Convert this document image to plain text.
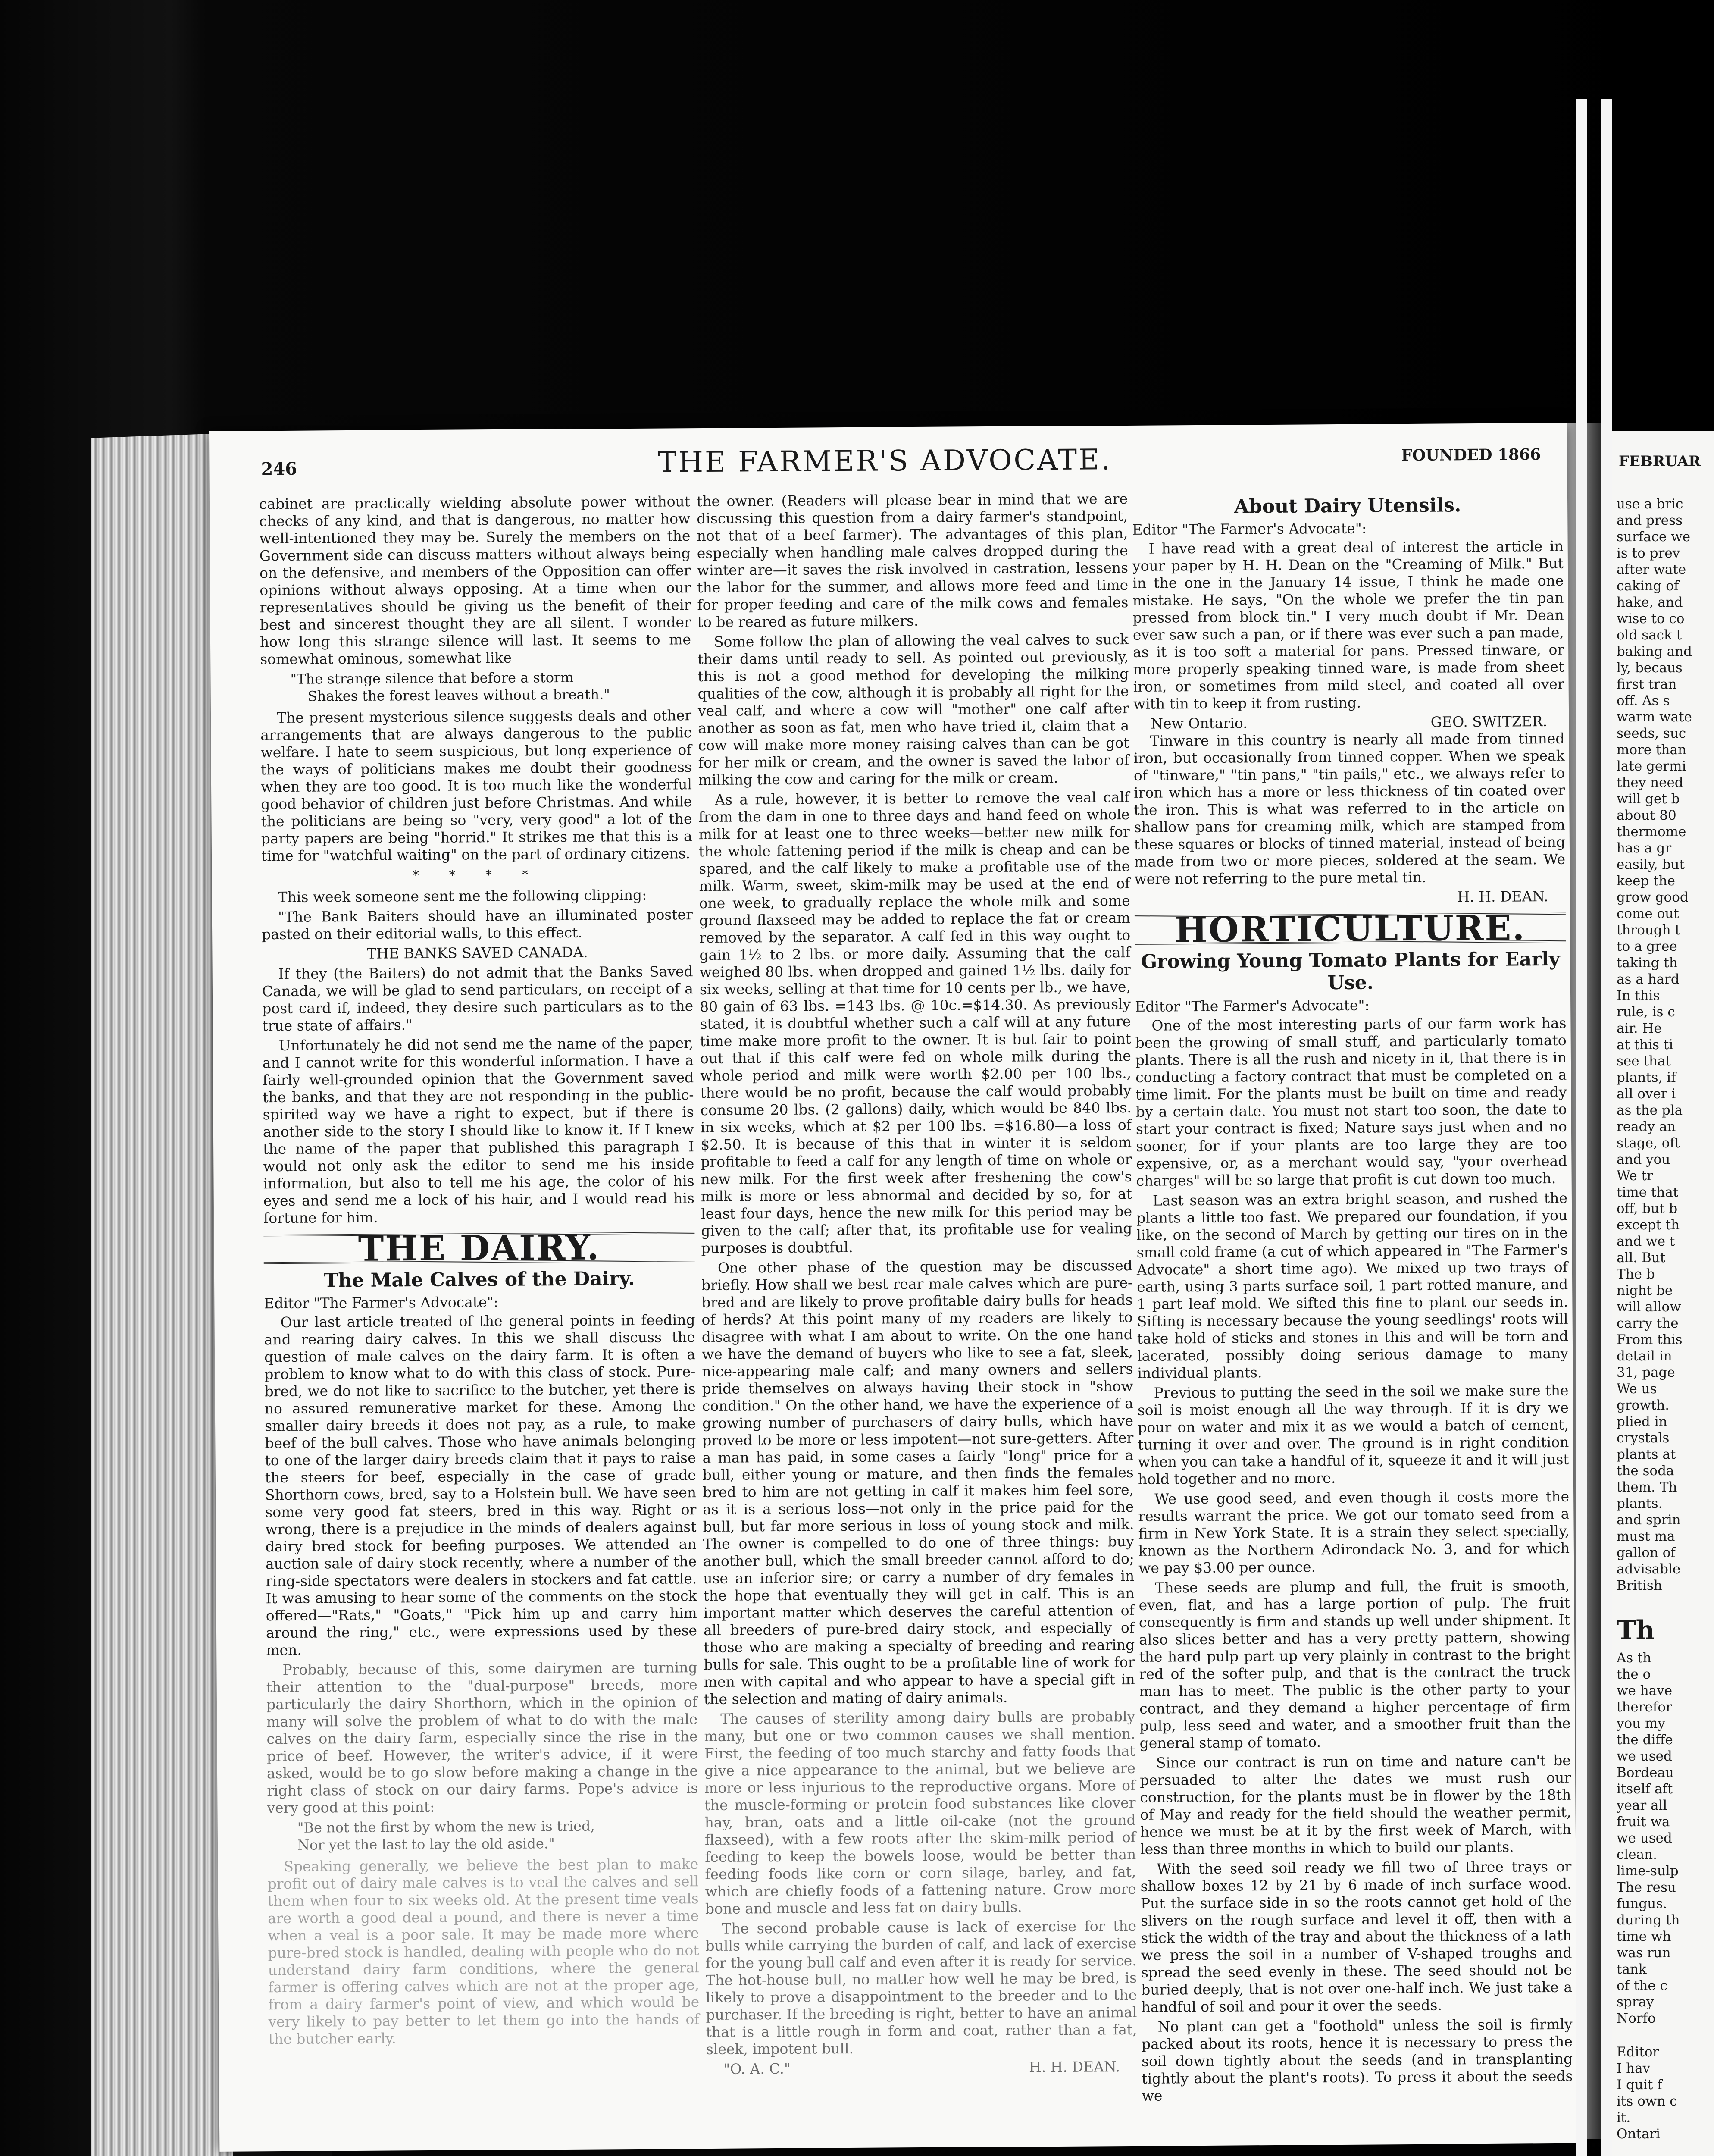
246	THE FARMER'S ADVOCATE.	FOUNDED 1866

cabinet are practically wielding absolute power without checks of any kind, and that is dangerous, no matter how well-intentioned they may be. Surely the members on the Government side can discuss matters without always being on the defensive, and members of the Opposition can offer opinions without always opposing. At a time when our representatives should be giving us the benefit of their best and sincerest thought they are all silent. I wonder how long this strange silence will last. It seems to me somewhat ominous, somewhat like

"The strange silence that before a storm
Shakes the forest leaves without a breath."

The present mysterious silence suggests deals and other arrangements that are always dangerous to the public welfare. I hate to seem suspicious, but long experience of the ways of politicians makes me doubt their goodness when they are too good. It is too much like the wonderful good behavior of children just before Christmas. And while the politicians are being so "very, very good" a lot of the party papers are being "horrid." It strikes me that this is a time for "watchful waiting" on the part of ordinary citizens.

* * * *

This week someone sent me the following clipping:

"The Bank Baiters should have an illuminated poster pasted on their editorial walls, to this effect.

THE BANKS SAVED CANADA.

If they (the Baiters) do not admit that the Banks Saved Canada, we will be glad to send particulars, on receipt of a post card if, indeed, they desire such particulars as to the true state of affairs."

Unfortunately he did not send me the name of the paper, and I cannot write for this wonderful information. I have a fairly well-grounded opinion that the Government saved the banks, and that they are not responding in the public-spirited way we have a right to expect, but if there is another side to the story I should like to know it. If I knew the name of the paper that published this paragraph I would not only ask the editor to send me his inside information, but also to tell me his age, the color of his eyes and send me a lock of his hair, and I would read his fortune for him.

THE DAIRY.
The Male Calves of the Dairy.

Editor "The Farmer's Advocate":

Our last article treated of the general points in feeding and rearing dairy calves. In this we shall discuss the question of male calves on the dairy farm. It is often a problem to know what to do with this class of stock. Pure-bred, we do not like to sacrifice to the butcher, yet there is no assured remunerative market for these. Among the smaller dairy breeds it does not pay, as a rule, to make beef of the bull calves. Those who have animals belonging to one of the larger dairy breeds claim that it pays to raise the steers for beef, especially in the case of grade Shorthorn cows, bred, say to a Holstein bull. We have seen some very good fat steers, bred in this way. Right or wrong, there is a prejudice in the minds of dealers against dairy bred stock for beefing purposes. We attended an auction sale of dairy stock recently, where a number of the ring-side spectators were dealers in stockers and fat cattle. It was amusing to hear some of the comments on the stock offered—"Rats," "Goats," "Pick him up and carry him around the ring," etc., were expressions used by these men.

Probably, because of this, some dairymen are turning their attention to the "dual-purpose" breeds, more particularly the dairy Shorthorn, which in the opinion of many will solve the problem of what to do with the male calves on the dairy farm, especially since the rise in the price of beef. However, the writer's advice, if it were asked, would be to go slow before making a change in the right class of stock on our dairy farms. Pope's advice is very good at this point:

"Be not the first by whom the new is tried,
Nor yet the last to lay the old aside."

Speaking generally, we believe the best plan to make profit out of dairy male calves is to veal the calves and sell them when four to six weeks old. At the present time veals are worth a good deal a pound, and there is never a time when a veal is a poor sale. It may be made more where pure-bred stock is handled, dealing with people who do not understand dairy farm conditions, where the general farmer is offering calves which are not at the proper age, from a dairy farmer's point of view, and which would be very likely to pay better to let them go into the hands of the butcher early.

the owner. (Readers will please bear in mind that we are discussing this question from a dairy farmer's standpoint, not that of a beef farmer). The advantages of this plan, especially when handling male calves dropped during the winter are—it saves the risk involved in castration, lessens the labor for the summer, and allows more feed and time for proper feeding and care of the milk cows and females to be reared as future milkers.

Some follow the plan of allowing the veal calves to suck their dams until ready to sell. As pointed out previously, this is not a good method for developing the milking qualities of the cow, although it is probably all right for the veal calf, and where a cow will "mother" one calf after another as soon as fat, men who have tried it, claim that a cow will make more money raising calves than can be got for her milk or cream, and the owner is saved the labor of milking the cow and caring for the milk or cream.

As a rule, however, it is better to remove the veal calf from the dam in one to three days and hand feed on whole milk for at least one to three weeks—better new milk for the whole fattening period if the milk is cheap and can be spared, and the calf likely to make a profitable use of the milk. Warm, sweet, skim-milk may be used at the end of one week, to gradually replace the whole milk and some ground flaxseed may be added to replace the fat or cream removed by the separator. A calf fed in this way ought to gain 1½ to 2 lbs. or more daily. Assuming that the calf weighed 80 lbs. when dropped and gained 1½ lbs. daily for six weeks, selling at that time for 10 cents per lb., we have, 80 gain of 63 lbs. =143 lbs. @ 10c.=$14.30. As previously stated, it is doubtful whether such a calf will at any future time make more profit to the owner. It is but fair to point out that if this calf were fed on whole milk during the whole period and milk were worth $2.00 per 100 lbs., there would be no profit, because the calf would probably consume 20 lbs. (2 gallons) daily, which would be 840 lbs. in six weeks, which at $2 per 100 lbs. =$16.80—a loss of $2.50. It is because of this that in winter it is seldom profitable to feed a calf for any length of time on whole or new milk. For the first week after freshening the cow's milk is more or less abnormal and decided by so, for at least four days, hence the new milk for this period may be given to the calf; after that, its profitable use for vealing purposes is doubtful.

One other phase of the question may be discussed briefly. How shall we best rear male calves which are pure-bred and are likely to prove profitable dairy bulls for heads of herds? At this point many of my readers are likely to disagree with what I am about to write. On the one hand we have the demand of buyers who like to see a fat, sleek, nice-appearing male calf; and many owners and sellers pride themselves on always having their stock in "show condition." On the other hand, we have the experience of a growing number of purchasers of dairy bulls, which have proved to be more or less impotent—not sure-getters. After a man has paid, in some cases a fairly "long" price for a bull, either young or mature, and then finds the females bred to him are not getting in calf it makes him feel sore, as it is a serious loss—not only in the price paid for the bull, but far more serious in loss of young stock and milk. The owner is compelled to do one of three things: buy another bull, which the small breeder cannot afford to do; use an inferior sire; or carry a number of dry females in the hope that eventually they will get in calf. This is an important matter which deserves the careful attention of all breeders of pure-bred dairy stock, and especially of those who are making a specialty of breeding and rearing bulls for sale. This ought to be a profitable line of work for men with capital and who appear to have a special gift in the selection and mating of dairy animals.

The causes of sterility among dairy bulls are probably many, but one or two common causes we shall mention. First, the feeding of too much starchy and fatty foods that give a nice appearance to the animal, but we believe are more or less injurious to the reproductive organs. More of the muscle-forming or protein food substances like clover hay, bran, oats and a little oil-cake (not the ground flaxseed), with a few roots after the skim-milk period of feeding to keep the bowels loose, would be better than feeding foods like corn or corn silage, barley, and fat, which are chiefly foods of a fattening nature. Grow more bone and muscle and less fat on dairy bulls.

The second probable cause is lack of exercise for the bulls while carrying the burden of calf, and lack of exercise for the young bull calf and even after it is ready for service. The hot-house bull, no matter how well he may be bred, is likely to prove a disappointment to the breeder and to the purchaser. If the breeding is right, better to have an animal that is a little rough in form and coat, rather than a fat, sleek, impotent bull.

"O. A. C."	H. H. DEAN.
About Dairy Utensils.

Editor "The Farmer's Advocate":

I have read with a great deal of interest the article in your paper by H. H. Dean on the "Creaming of Milk." But in the one in the January 14 issue, I think he made one mistake. He says, "On the whole we prefer the tin pan pressed from block tin." I very much doubt if Mr. Dean ever saw such a pan, or if there was ever such a pan made, as it is too soft a material for pans. Pressed tinware, or more properly speaking tinned ware, is made from sheet iron, or sometimes from mild steel, and coated all over with tin to keep it from rusting.

New Ontario.	GEO. SWITZER.

Tinware in this country is nearly all made from tinned iron, but occasionally from tinned copper. When we speak of "tinware," "tin pans," "tin pails," etc., we always refer to iron which has a more or less thickness of tin coated over the iron. This is what was referred to in the article on shallow pans for creaming milk, which are stamped from these squares or blocks of tinned material, instead of being made from two or more pieces, soldered at the seam. We were not referring to the pure metal tin.

H. H. DEAN.

HORTICULTURE.
Growing Young Tomato Plants for Early Use.

Editor "The Farmer's Advocate":

One of the most interesting parts of our farm work has been the growing of small stuff, and particularly tomato plants. There is all the rush and nicety in it, that there is in conducting a factory contract that must be completed on a time limit. For the plants must be built on time and ready by a certain date. You must not start too soon, the date to start your contract is fixed; Nature says just when and no sooner, for if your plants are too large they are too expensive, or, as a merchant would say, "your overhead charges" will be so large that profit is cut down too much.

Last season was an extra bright season, and rushed the plants a little too fast. We prepared our foundation, if you like, on the second of March by getting our tires on in the small cold frame (a cut of which appeared in "The Farmer's Advocate" a short time ago). We mixed up two trays of earth, using 3 parts surface soil, 1 part rotted manure, and 1 part leaf mold. We sifted this fine to plant our seeds in. Sifting is necessary because the young seedlings' roots will take hold of sticks and stones in this and will be torn and lacerated, possibly doing serious damage to many individual plants.

Previous to putting the seed in the soil we make sure the soil is moist enough all the way through. If it is dry we pour on water and mix it as we would a batch of cement, turning it over and over. The ground is in right condition when you can take a handful of it, squeeze it and it will just hold together and no more.

We use good seed, and even though it costs more the results warrant the price. We got our tomato seed from a firm in New York State. It is a strain they select specially, known as the Northern Adirondack No. 3, and for which we pay $3.00 per ounce.

These seeds are plump and full, the fruit is smooth, even, flat, and has a large portion of pulp. The fruit consequently is firm and stands up well under shipment. It also slices better and has a very pretty pattern, showing the hard pulp part up very plainly in contrast to the bright red of the softer pulp, and that is the contract the truck man has to meet. The public is the other party to your contract, and they demand a higher percentage of firm pulp, less seed and water, and a smoother fruit than the general stamp of tomato.

Since our contract is run on time and nature can't be persuaded to alter the dates we must rush our construction, for the plants must be in flower by the 18th of May and ready for the field should the weather permit, hence we must be at it by the first week of March, with less than three months in which to build our plants.

With the seed soil ready we fill two of three trays or shallow boxes 12 by 21 by 6 made of inch surface wood. Put the surface side in so the roots cannot get hold of the slivers on the rough surface and level it off, then with a stick the width of the tray and about the thickness of a lath we press the soil in a number of V-shaped troughs and spread the seed evenly in these. The seed should not be buried deeply, that is not over one-half inch. We just take a handful of soil and pour it over the seeds.

No plant can get a "foothold" unless the soil is firmly packed about its roots, hence it is necessary to press the soil down tightly about the seeds (and in transplanting tightly about the plant's roots). To press it about the seeds we

FEBRUAR
use a bric
and press
surface we
is to prev
after wate
caking of
hake, and
wise to co
old sack t
baking and
ly, becaus
first tran
off. As s
warm wate
seeds, suc
more than
late germi
they need
will get b
about 80
thermome
has a gr
easily, but
keep the
grow good
come out
through t
to a gree
taking th
as a hard
In this
rule, is c
air. He
at this ti
see that
plants, if
all over i
as the pla
ready an
stage, oft
and you
We tr
time that
off, but b
except th
and we t
all. But
The b
night be
will allow
carry the
From this
detail in
31, page
We us
growth.
plied in
crystals
plants at
the soda
them. Th
plants.
and sprin
must ma
gallon of
advisable
British
Th
As th
the o
we have
therefor
you my
the diffe
we used
Bordeau
itself aft
year all
fruit wa
we used
clean.
lime-sulp
The resu
fungus.
during th
time wh
was run
tank
of the c
spray
Norfo
Editor
I hav
I quit f
its own c
it.
Ontari
